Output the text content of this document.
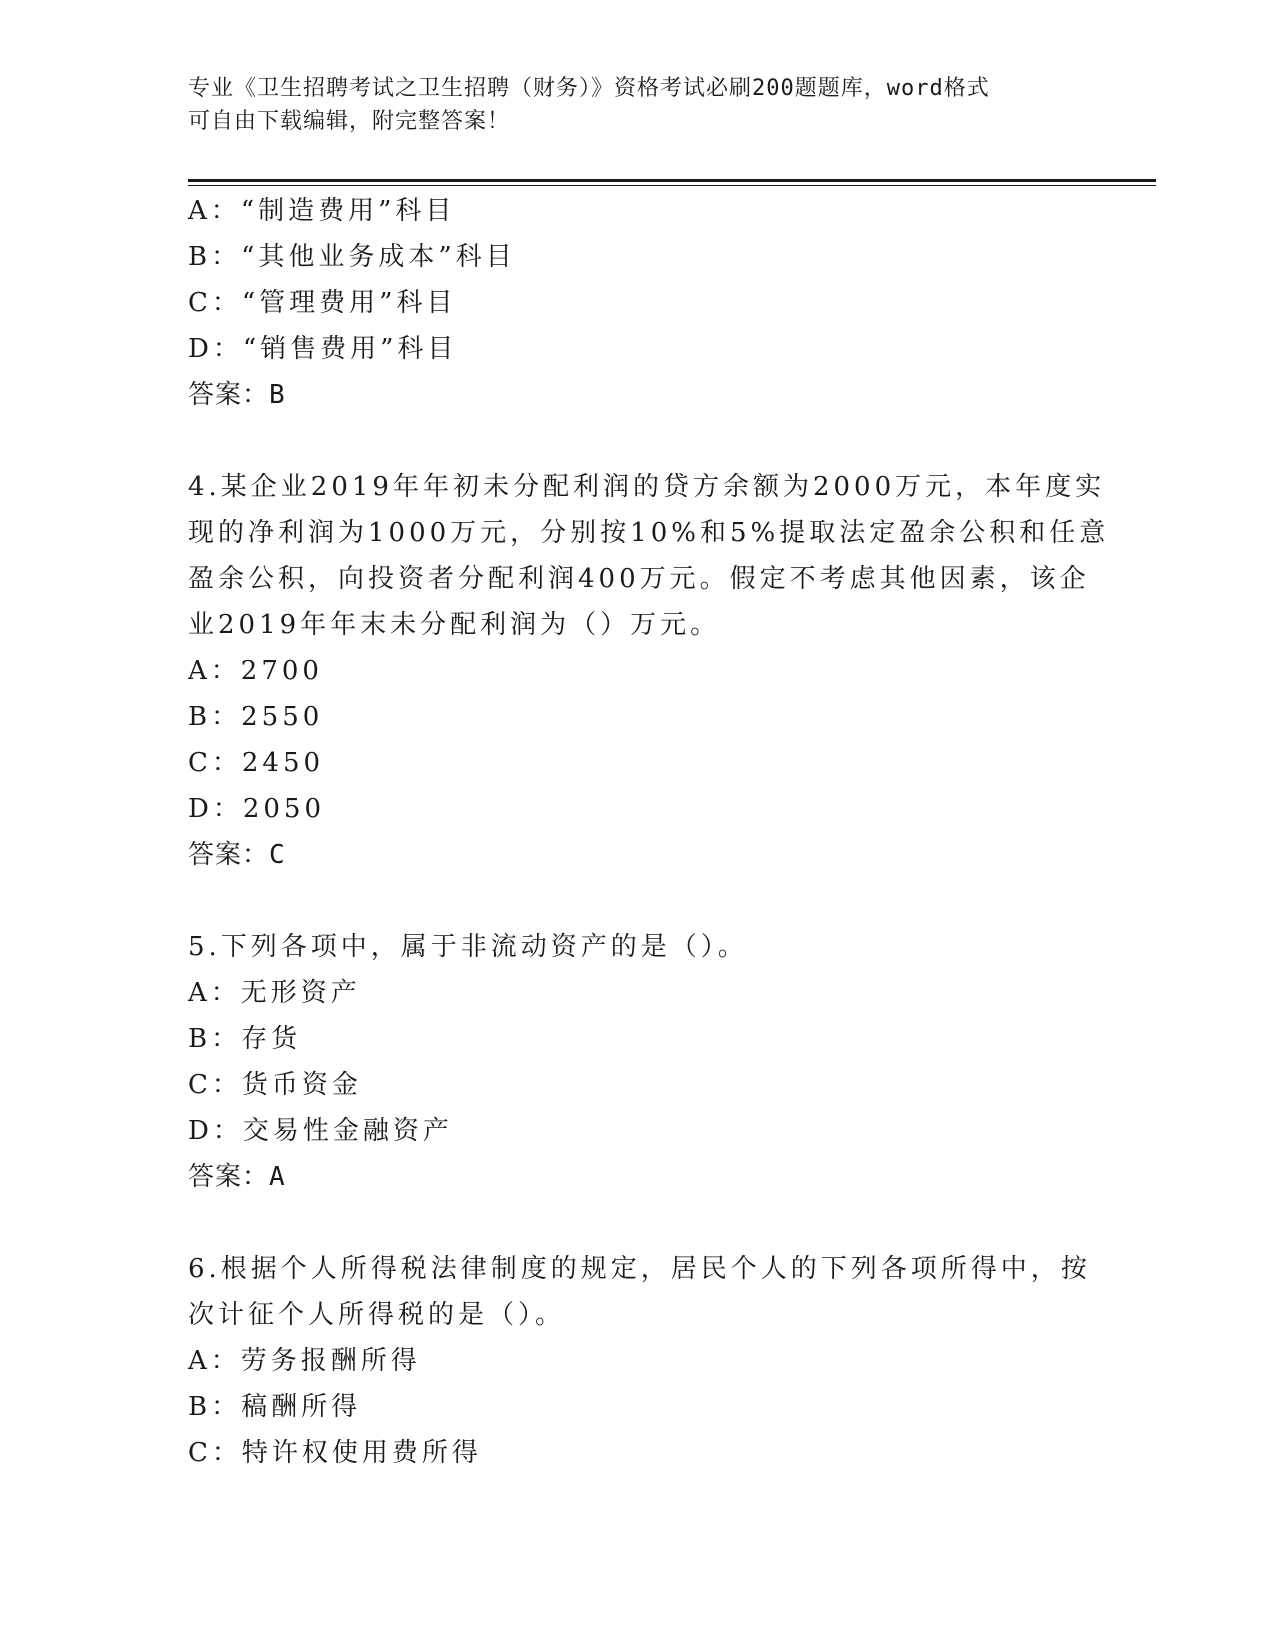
专业《卫生招聘考试之卫生招聘（财务）》资格考试必刷200题题库，word格式
可自由下载编辑，附完整答案！
A：“制造费用”科目
B：“其他业务成本”科目
C：“管理费用”科目
D：“销售费用”科目
答案：B
4.某企业2019年年初未分配利润的贷方余额为2000万元，本年度实
现的净利润为1000万元，分别按10%和5%提取法定盈余公积和任意
盈余公积，向投资者分配利润400万元。假定不考虑其他因素，该企
业2019年年末未分配利润为（）万元。
A：2700
B：2550
C：2450
D：2050
答案：C
5.下列各项中，属于非流动资产的是（）。
A：无形资产
B：存货
C：货币资金
D：交易性金融资产
答案：A
6.根据个人所得税法律制度的规定，居民个人的下列各项所得中，按
次计征个人所得税的是（）。
A：劳务报酬所得
B：稿酬所得
C：特许权使用费所得
